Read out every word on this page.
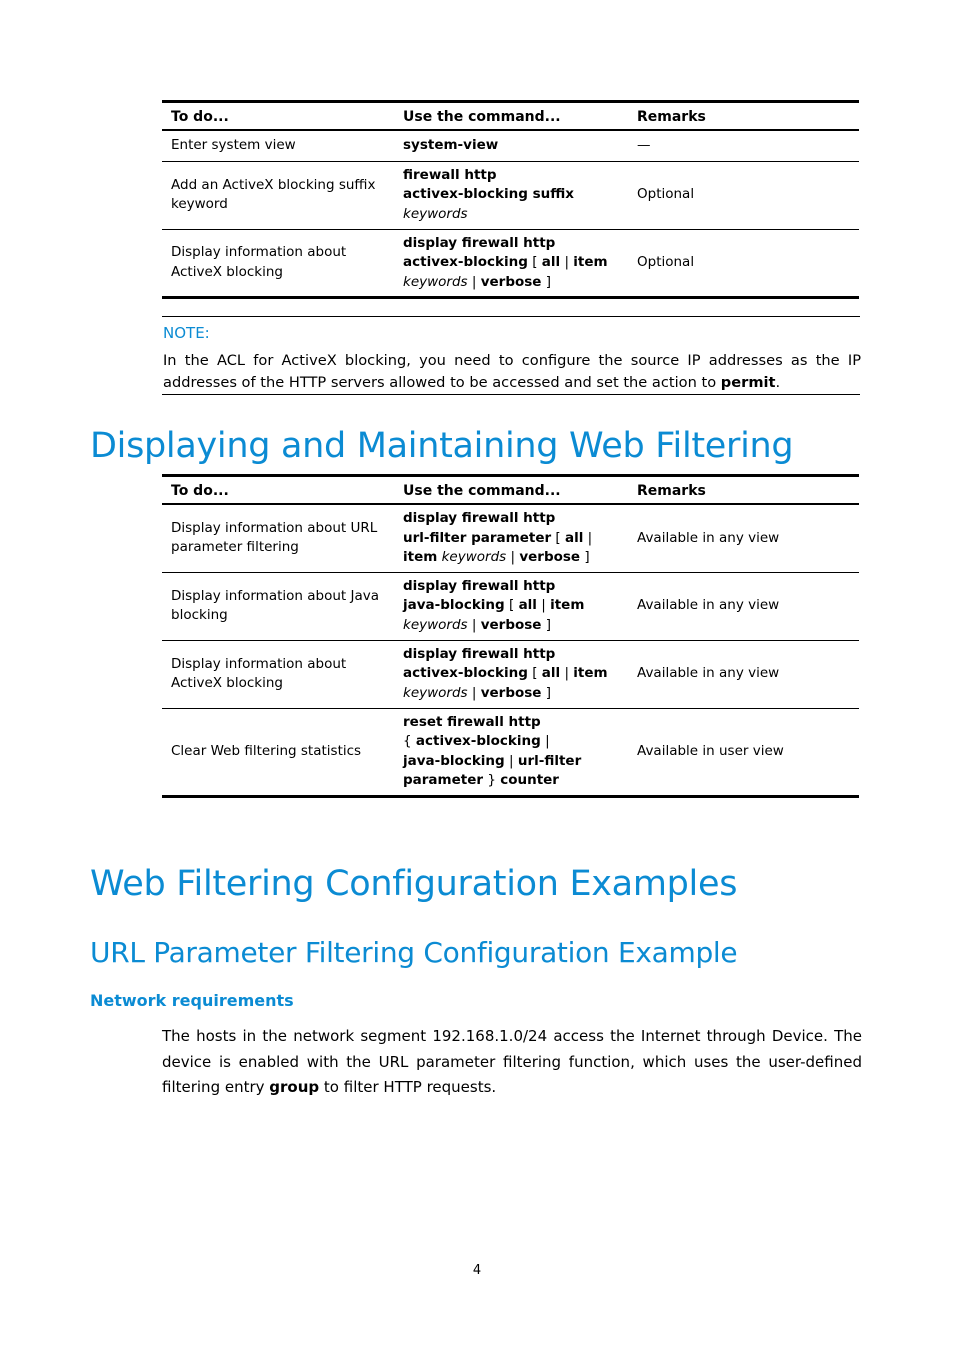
To do...	Use the command...	Remarks
Enter system view	system-view	—
Add an ActiveX blocking suffix keyword	firewall http
activex-blocking suffix
keywords	Optional
Display information about ActiveX blocking	display firewall http
activex-blocking [ all | item
keywords | verbose ]	Optional
NOTE:
In the ACL for ActiveX blocking, you need to configure the source IP addresses as the IP addresses of the HTTP servers allowed to be accessed and set the action to permit.
Displaying and Maintaining Web Filtering
To do...	Use the command...	Remarks
Display information about URL parameter filtering	display firewall http
url-filter parameter [ all |
item keywords | verbose ]	Available in any view
Display information about Java blocking	display firewall http
java-blocking [ all | item
keywords | verbose ]	Available in any view
Display information about ActiveX blocking	display firewall http
activex-blocking [ all | item
keywords | verbose ]	Available in any view
Clear Web filtering statistics	reset firewall http
{ activex-blocking |
java-blocking | url-filter
parameter } counter	Available in user view
Web Filtering Configuration Examples
URL Parameter Filtering Configuration Example
Network requirements
The hosts in the network segment 192.168.1.0/24 access the Internet through Device. The device is enabled with the URL parameter filtering function, which uses the user-defined filtering entry group to filter HTTP requests.
4
